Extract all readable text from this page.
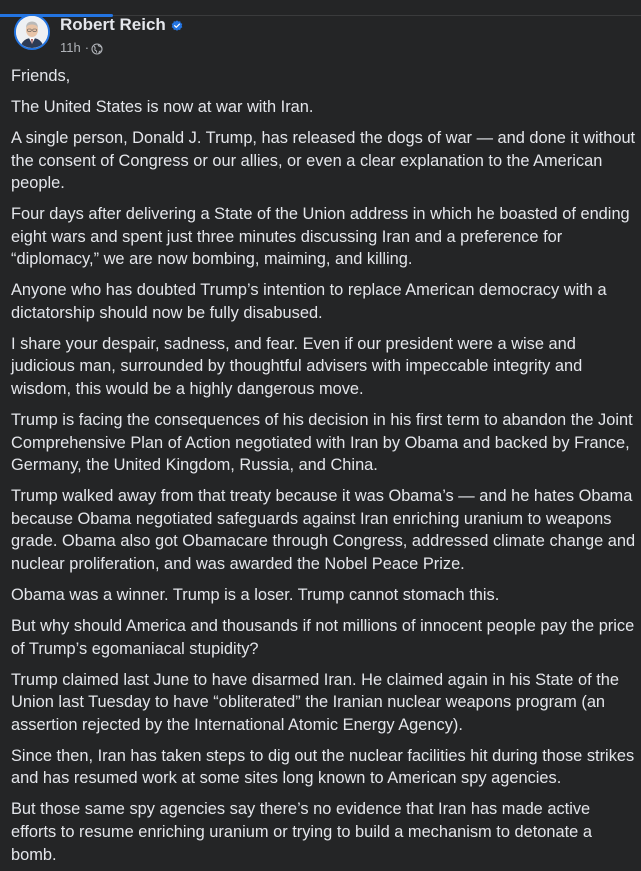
Robert Reich
11h ·

Friends,

The United States is now at war with Iran.

A single person, Donald J. Trump, has released the dogs of war — and done it without the consent of Congress or our allies, or even a clear explanation to the American people.

Four days after delivering a State of the Union address in which he boasted of ending eight wars and spent just three minutes discussing Iran and a preference for “diplomacy,” we are now bombing, maiming, and killing.

Anyone who has doubted Trump’s intention to replace American democracy with a dictatorship should now be fully disabused.

I share your despair, sadness, and fear. Even if our president were a wise and judicious man, surrounded by thoughtful advisers with impeccable integrity and wisdom, this would be a highly dangerous move.

Trump is facing the consequences of his decision in his first term to abandon the Joint Comprehensive Plan of Action negotiated with Iran by Obama and backed by France, Germany, the United Kingdom, Russia, and China.

Trump walked away from that treaty because it was Obama’s — and he hates Obama because Obama negotiated safeguards against Iran enriching uranium to weapons grade. Obama also got Obamacare through Congress, addressed climate change and nuclear proliferation, and was awarded the Nobel Peace Prize.

Obama was a winner. Trump is a loser. Trump cannot stomach this.

But why should America and thousands if not millions of innocent people pay the price of Trump’s egomaniacal stupidity?

Trump claimed last June to have disarmed Iran. He claimed again in his State of the Union last Tuesday to have “obliterated” the Iranian nuclear weapons program (an assertion rejected by the International Atomic Energy Agency).

Since then, Iran has taken steps to dig out the nuclear facilities hit during those strikes and has resumed work at some sites long known to American spy agencies.

But those same spy agencies say there’s no evidence that Iran has made active efforts to resume enriching uranium or trying to build a mechanism to detonate a bomb.
